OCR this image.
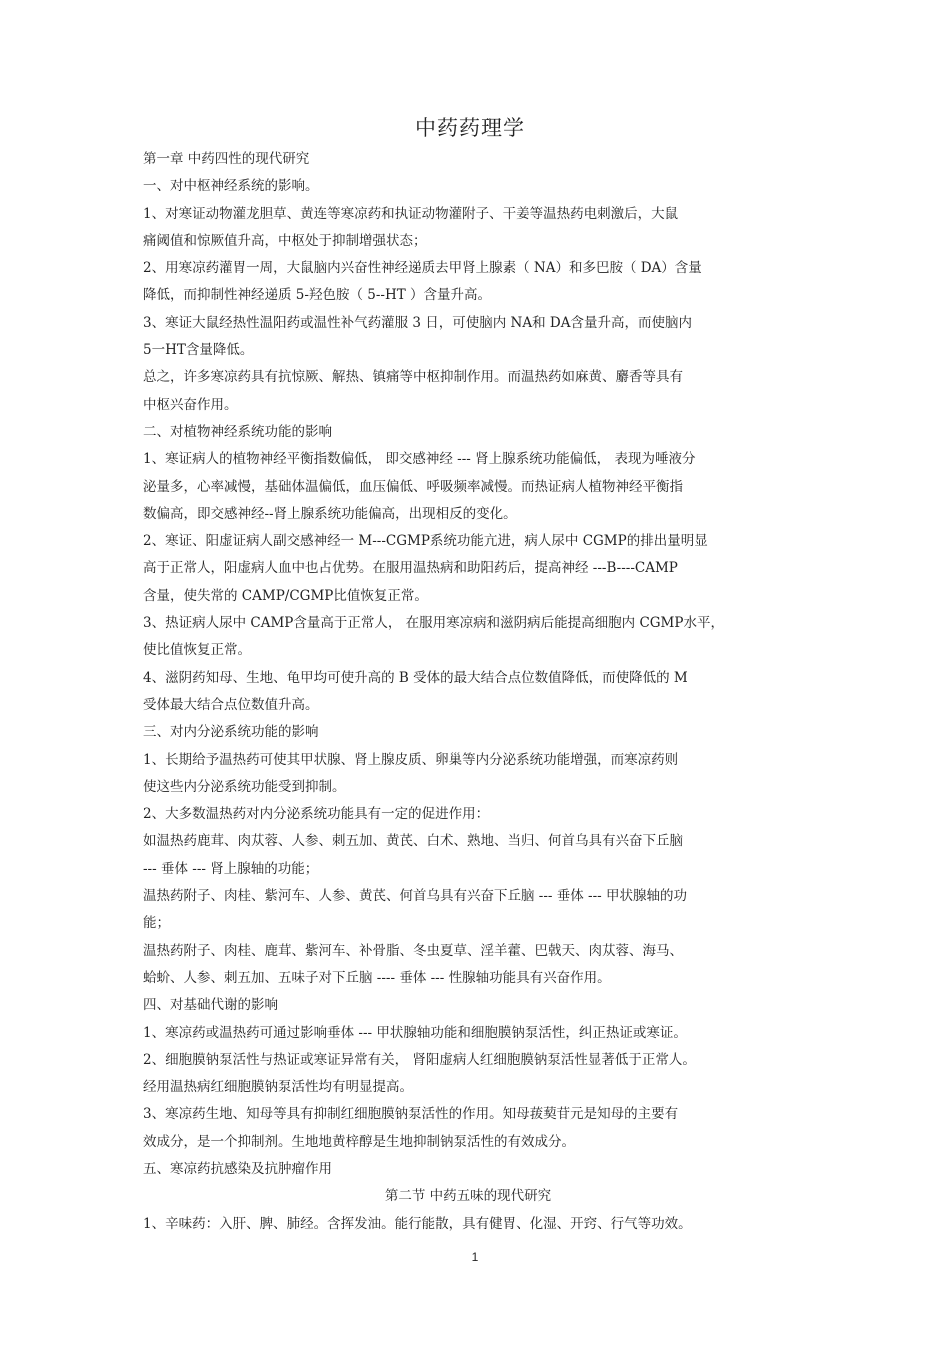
中药药理学
第一章 中药四性的现代研究
一、对中枢神经系统的影响。
1、对寒证动物灌龙胆草、黄连等寒凉药和执证动物灌附子、干姜等温热药电刺激后，大鼠
痛阈值和惊厥值升高，中枢处于抑制增强状态；
2、用寒凉药灌胃一周，大鼠脑内兴奋性神经递质去甲肾上腺素（ NA）和多巴胺（ DA）含量
降低，而抑制性神经递质 5-羟色胺（ 5--HT ）含量升高。
3、寒证大鼠经热性温阳药或温性补气药灌服 3 日，可使脑内 NA和 DA含量升高，而使脑内
5一HT含量降低。
总之，许多寒凉药具有抗惊厥、解热、镇痛等中枢抑制作用。而温热药如麻黄、麝香等具有
中枢兴奋作用。
二、对植物神经系统功能的影响
1、寒证病人的植物神经平衡指数偏低， 即交感神经 --- 肾上腺系统功能偏低， 表现为唾液分
泌量多，心率减慢，基础体温偏低，血压偏低、呼吸频率减慢。而热证病人植物神经平衡指
数偏高，即交感神经--肾上腺系统功能偏高，出现相反的变化。
2、寒证、阳虚证病人副交感神经一 M---CGMP系统功能亢进，病人尿中 CGMP的排出量明显
高于正常人，阳虚病人血中也占优势。在服用温热病和助阳药后，提高神经 ---B----CAMP
含量，使失常的 CAMP/CGMP比值恢复正常。
3、热证病人尿中 CAMP含量高于正常人， 在服用寒凉病和滋阴病后能提高细胞内 CGMP水平，
使比值恢复正常。
4、滋阴药知母、生地、龟甲均可使升高的 B 受体的最大结合点位数值降低，而使降低的 M
受体最大结合点位数值升高。
三、对内分泌系统功能的影响
1、长期给予温热药可使其甲状腺、肾上腺皮质、卵巢等内分泌系统功能增强，而寒凉药则
使这些内分泌系统功能受到抑制。
2、大多数温热药对内分泌系统功能具有一定的促进作用：
如温热药鹿茸、肉苁蓉、人参、刺五加、黄芪、白术、熟地、当归、何首乌具有兴奋下丘脑
--- 垂体 --- 肾上腺轴的功能；
温热药附子、肉桂、紫河车、人参、黄芪、何首乌具有兴奋下丘脑 --- 垂体 --- 甲状腺轴的功
能；
温热药附子、肉桂、鹿茸、紫河车、补骨脂、冬虫夏草、淫羊藿、巴戟天、肉苁蓉、海马、
蛤蚧、人参、刺五加、五味子对下丘脑 ---- 垂体 --- 性腺轴功能具有兴奋作用。
四、对基础代谢的影响
1、寒凉药或温热药可通过影响垂体 --- 甲状腺轴功能和细胞膜钠泵活性，纠正热证或寒证。
2、细胞膜钠泵活性与热证或寒证异常有关， 肾阳虚病人红细胞膜钠泵活性显著低于正常人。
经用温热病红细胞膜钠泵活性均有明显提高。
3、寒凉药生地、知母等具有抑制红细胞膜钠泵活性的作用。知母菝葜苷元是知母的主要有
效成分，是一个抑制剂。生地地黄梓醇是生地抑制钠泵活性的有效成分。
五、寒凉药抗感染及抗肿瘤作用
第二节 中药五味的现代研究
1、辛味药：入肝、脾、肺经。含挥发油。能行能散，具有健胃、化湿、开窍、行气等功效。
1
